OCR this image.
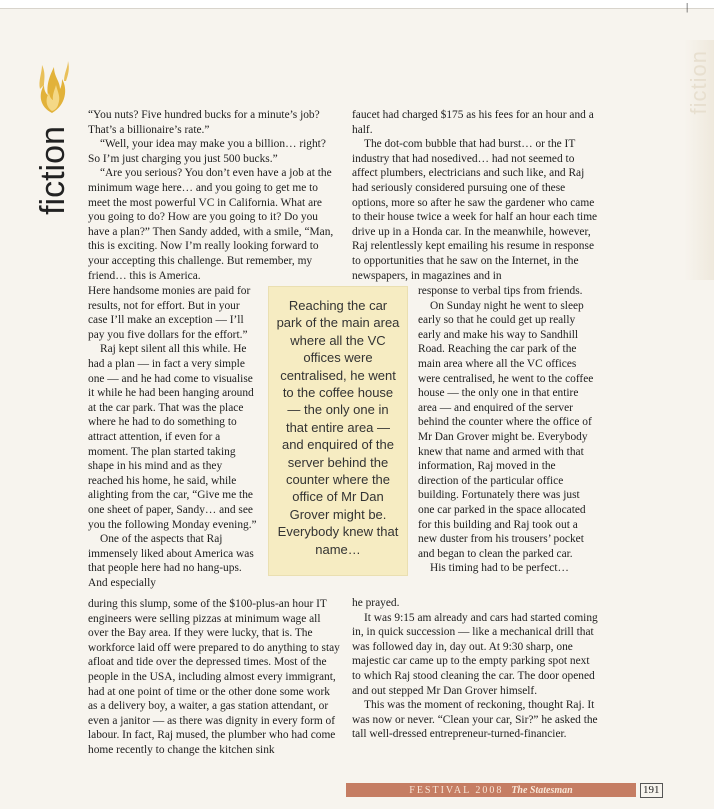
|
fiction
fiction

“You nuts? Five hundred bucks for a minute’s job? That’s a billionaire’s rate.”

“Well, your idea may make you a billion… right? So I’m just charging you just 500 bucks.”

“Are you serious? You don’t even have a job at the minimum wage here… and you going to get me to meet the most powerful VC in California. What are you going to do? How are you going to it? Do you have a plan?” Then Sandy added, with a smile, “Man, this is exciting. Now I’m really looking forward to your accepting this challenge. But remember, my friend… this is America.

Here handsome monies are paid for results, not for effort. But in your case I’ll make an exception — I’ll pay you five dollars for the effort.”

Raj kept silent all this while. He had a plan — in fact a very simple one — and he had come to visualise it while he had been hanging around at the car park. That was the place where he had to do something to attract attention, if even for a moment. The plan started taking shape in his mind and as they reached his home, he said, while alighting from the car, “Give me the one sheet of paper, Sandy… and see you the following Monday evening.”

One of the aspects that Raj immensely liked about America was that people here had no hang-ups. And especially

during this slump, some of the $100-plus-an hour IT engineers were selling pizzas at minimum wage all over the Bay area. If they were lucky, that is. The workforce laid off were prepared to do anything to stay afloat and tide over the depressed times. Most of the people in the USA, including almost every immigrant, had at one point of time or the other done some work as a delivery boy, a waiter, a gas station attendant, or even a janitor — as there was dignity in every form of labour. In fact, Raj mused, the plumber who had come home recently to change the kitchen sink

Reaching the car park of the main area where all the VC offices were centralised, he went to the coffee house — the only one in that entire area — and enquired of the server behind the counter where the office of Mr Dan Grover might be. Everybody knew that name…

faucet had charged $175 as his fees for an hour and a half.

The dot-com bubble that had burst… or the IT industry that had nosedived… had not seemed to affect plumbers, electricians and such like, and Raj had seriously considered pursuing one of these options, more so after he saw the gardener who came to their house twice a week for half an hour each time drive up in a Honda car. In the meanwhile, however, Raj relentlessly kept emailing his resume in response to opportunities that he saw on the Internet, in the newspapers, in magazines and in

response to verbal tips from friends.

On Sunday night he went to sleep early so that he could get up really early and make his way to Sandhill Road. Reaching the car park of the main area where all the VC offices were centralised, he went to the coffee house — the only one in that entire area — and enquired of the server behind the counter where the office of Mr Dan Grover might be. Everybody knew that name and armed with that information, Raj moved in the direction of the particular office building. Fortunately there was just one car parked in the space allocated for this building and Raj took out a new duster from his trousers’ pocket and began to clean the parked car.

His timing had to be perfect…

he prayed.

It was 9:15 am already and cars had started coming in, in quick succession — like a mechanical drill that was followed day in, day out. At 9:30 sharp, one majestic car came up to the empty parking spot next to which Raj stood cleaning the car. The door opened and out stepped Mr Dan Grover himself.

This was the moment of reckoning, thought Raj. It was now or never. “Clean your car, Sir?” he asked the tall well-dressed entrepreneur-turned-financier.

FESTIVAL 2008 The Statesman	191
